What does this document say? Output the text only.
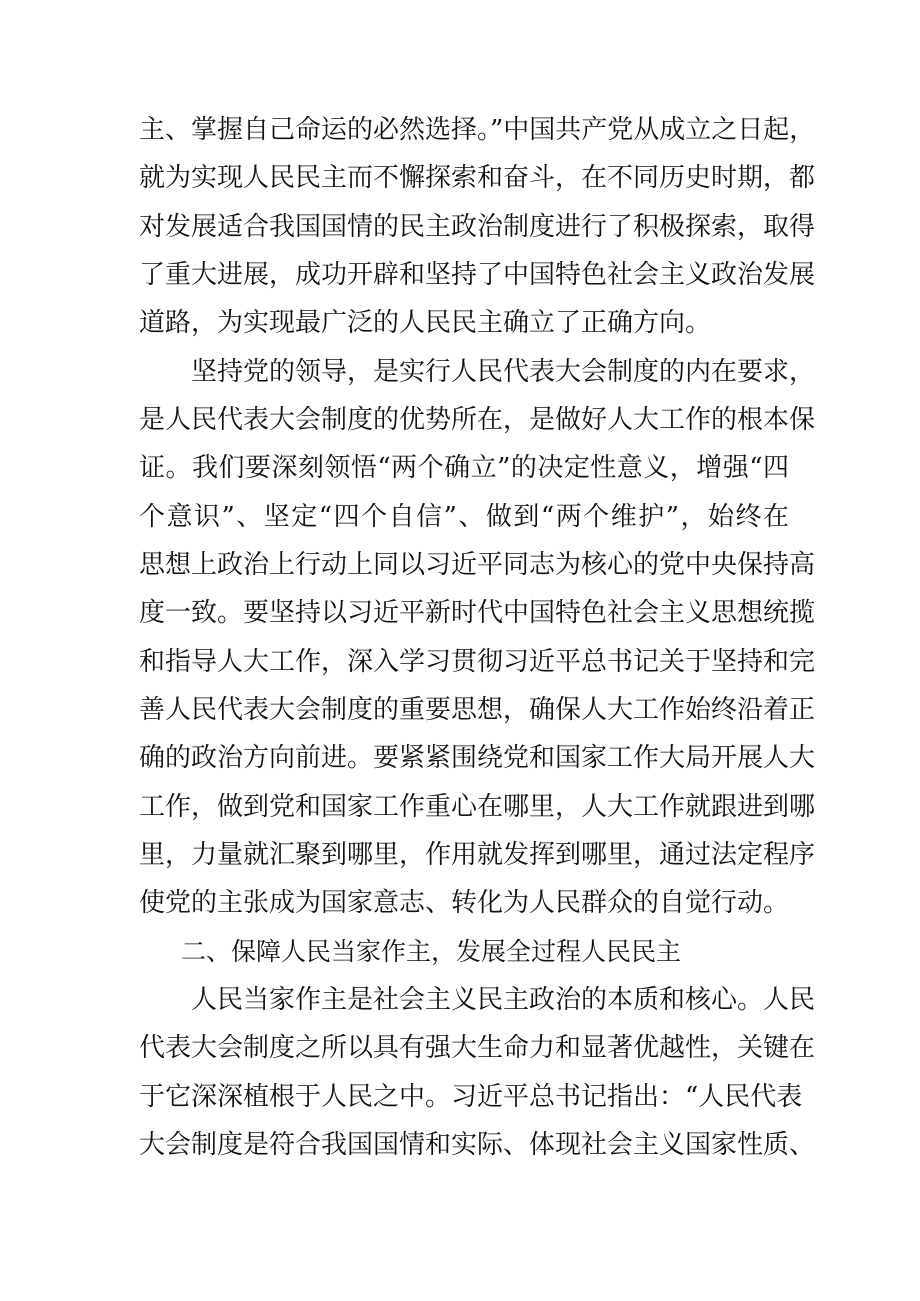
主、掌握自己命运的必然选择。”中国共产党从成立之日起，
就为实现人民民主而不懈探索和奋斗，在不同历史时期，都
对发展适合我国国情的民主政治制度进行了积极探索，取得
了重大进展，成功开辟和坚持了中国特色社会主义政治发展
道路，为实现最广泛的人民民主确立了正确方向。
坚持党的领导，是实行人民代表大会制度的内在要求，
是人民代表大会制度的优势所在，是做好人大工作的根本保
证。我们要深刻领悟“两个确立”的决定性意义，增强“四
个意识”、坚定“四个自信”、做到“两个维护”，始终在
思想上政治上行动上同以习近平同志为核心的党中央保持高
度一致。要坚持以习近平新时代中国特色社会主义思想统揽
和指导人大工作，深入学习贯彻习近平总书记关于坚持和完
善人民代表大会制度的重要思想，确保人大工作始终沿着正
确的政治方向前进。要紧紧围绕党和国家工作大局开展人大
工作，做到党和国家工作重心在哪里，人大工作就跟进到哪
里，力量就汇聚到哪里，作用就发挥到哪里，通过法定程序
使党的主张成为国家意志、转化为人民群众的自觉行动。
二、保障人民当家作主，发展全过程人民民主
人民当家作主是社会主义民主政治的本质和核心。人民
代表大会制度之所以具有强大生命力和显著优越性，关键在
于它深深植根于人民之中。习近平总书记指出：“人民代表
大会制度是符合我国国情和实际、体现社会主义国家性质、
